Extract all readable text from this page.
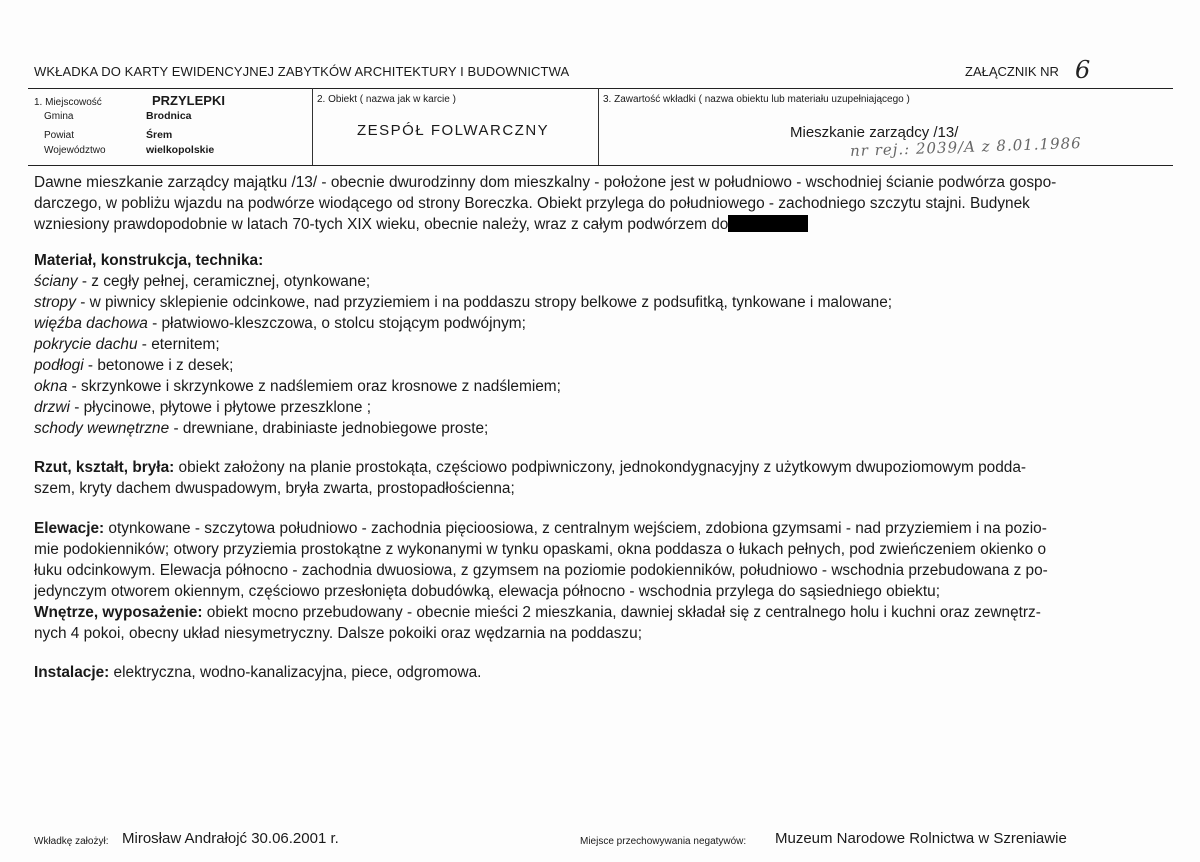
WKŁADKA DO KARTY EWIDENCYJNEJ ZABYTKÓW ARCHITEKTURY I BUDOWNICTWA	ZAŁĄCZNIK NR 6
1. Miejscowość
Gmina
Powiat
Województwo
PRZYLEPKI
Brodnica
Śrem
wielkopolskie
2. Obiekt ( nazwa jak w karcie )
ZESPÓŁ FOLWARCZNY
3. Zawartość wkładki ( nazwa obiektu lub materiału uzupełniającego )
Mieszkanie zarządcy /13/
nr rej.: 2039/A z 8.01.1986

Dawne mieszkanie zarządcy majątku /13/ - obecnie dwurodzinny dom mieszkalny - położone jest w południowo - wschodniej ścianie podwórza gospo-

darczego, w pobliżu wjazdu na podwórze wiodącego od strony Boreczka. Obiekt przylega do południowego - zachodniego szczytu stajni. Budynek

wzniesiony prawdopodobnie w latach 70-tych XIX wieku, obecnie należy, wraz z całym podwórzem do

Materiał, konstrukcja, technika:

ściany - z cegły pełnej, ceramicznej, otynkowane;

stropy - w piwnicy sklepienie odcinkowe, nad przyziemiem i na poddaszu stropy belkowe z podsufitką, tynkowane i malowane;

więźba dachowa - płatwiowo-kleszczowa, o stolcu stojącym podwójnym;

pokrycie dachu - eternitem;

podłogi - betonowe i z desek;

okna - skrzynkowe i skrzynkowe z nadślemiem oraz krosnowe z nadślemiem;

drzwi - płycinowe, płytowe i płytowe przeszklone ;

schody wewnętrzne - drewniane, drabiniaste jednobiegowe proste;

Rzut, kształt, bryła: obiekt założony na planie prostokąta, częściowo podpiwniczony, jednokondygnacyjny z użytkowym dwupoziomowym podda-

szem, kryty dachem dwuspadowym, bryła zwarta, prostopadłościenna;

Elewacje: otynkowane - szczytowa południowo - zachodnia pięcioosiowa, z centralnym wejściem, zdobiona gzymsami - nad przyziemiem i na pozio-

mie podokienników; otwory przyziemia prostokątne z wykonanymi w tynku opaskami, okna poddasza o łukach pełnych, pod zwieńczeniem okienko o

łuku odcinkowym. Elewacja północno - zachodnia dwuosiowa, z gzymsem na poziomie podokienników, południowo - wschodnia przebudowana z po-

jedynczym otworem okiennym, częściowo przesłonięta dobudówką, elewacja północno - wschodnia przylega do sąsiedniego obiektu;

Wnętrze, wyposażenie: obiekt mocno przebudowany - obecnie mieści 2 mieszkania, dawniej składał się z centralnego holu i kuchni oraz zewnętrz-

nych 4 pokoi, obecny układ niesymetryczny. Dalsze pokoiki oraz wędzarnia na poddaszu;

Instalacje: elektryczna, wodno-kanalizacyjna, piece, odgromowa.

Wkładkę założył: Mirosław Andrałojć 30.06.2001 r.	Miejsce przechowywania negatywów: Muzeum Narodowe Rolnictwa w Szreniawie
